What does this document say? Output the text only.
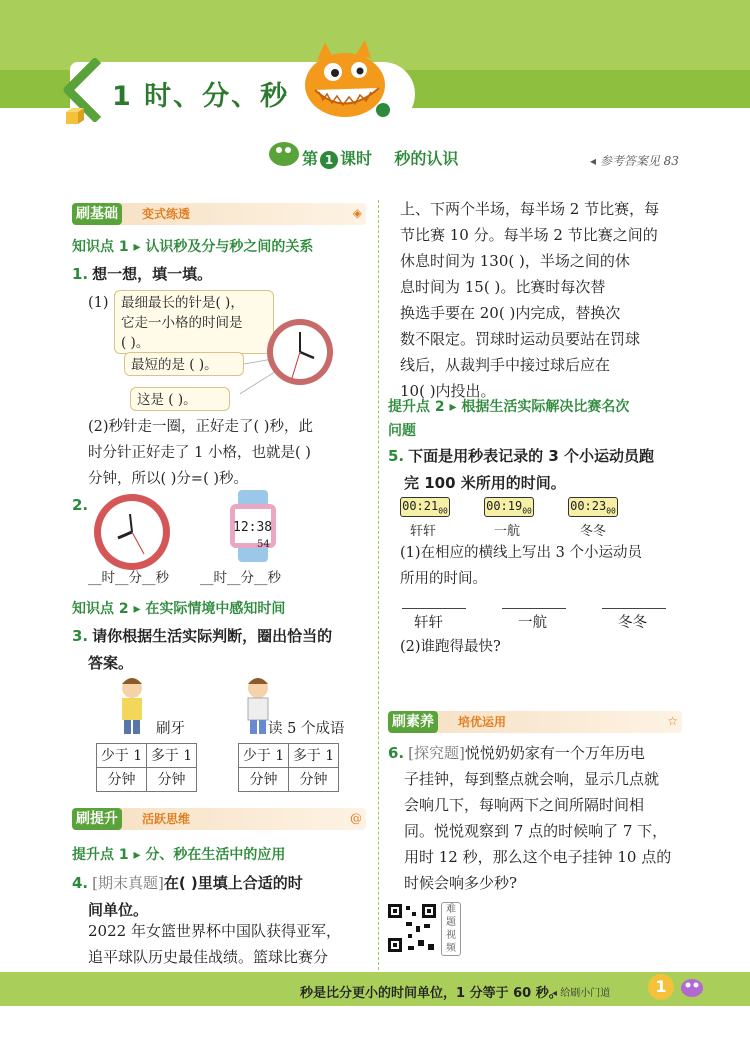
1 时、分、秒
第 1 课时 秒的认识	◂ 参考答案见 83
刷基础	变式练透	◈
知识点 1 ▸ 认识秒及分与秒之间的关系
1. 想一想，填一填。
(1) 最细最长的针是( )，
它走一小格的时间是
( )。
最短的是 ( )。
这是 ( )。
(2)秒针走一圈，正好走了( )秒，此
时分针正好走了 1 小格，也就是( )
分钟，所以( )分=( )秒。
2.
12:38
54
__时__分__秒 __时__分__秒
知识点 2 ▸ 在实际情境中感知时间
3. 请你根据生活实际判断，圈出恰当的
答案。
刷牙	读 5 个成语
少于 1	多于 1
分钟	分钟
少于 1	多于 1
分钟	分钟
刷提升	活跃思维	@
提升点 1 ▸ 分、秒在生活中的应用
4. [期末真题]在( )里填上合适的时
间单位。
2022 年女篮世界杯中国队获得亚军，
追平球队历史最佳战绩。篮球比赛分
上、下两个半场，每半场 2 节比赛，每
节比赛 10 分。每半场 2 节比赛之间的
休息时间为 130( )，半场之间的休
息时间为 15( )。比赛时每次替
换选手要在 20( )内完成，替换次
数不限定。罚球时运动员要站在罚球
线后，从裁判手中接过球后应在
10( )内投出。
提升点 2 ▸ 根据生活实际解决比赛名次
问题
5. 下面是用秒表记录的 3 个小运动员跑
完 100 米所用的时间。
$00:21_{00}$	$00:19_{00}$	$00:23_{00}$
轩轩	一航	冬冬
(1)在相应的横线上写出 3 个小运动员
所用的时间。
轩轩	一航	冬冬
(2)谁跑得最快?
刷素养	培优运用	☆
6. [探究题]悦悦奶奶家有一个万年历电
子挂钟，每到整点就会响，显示几点就
会响几下，每响两下之间所隔时间相
同。悦悦观察到 7 点的时候响了 7 下，
用时 12 秒，那么这个电子挂钟 10 点的
时候会响多少秒?
难题视频
秒是比分更小的时间单位，1 分等于 60 秒。
◂ 给刷小门道	1
